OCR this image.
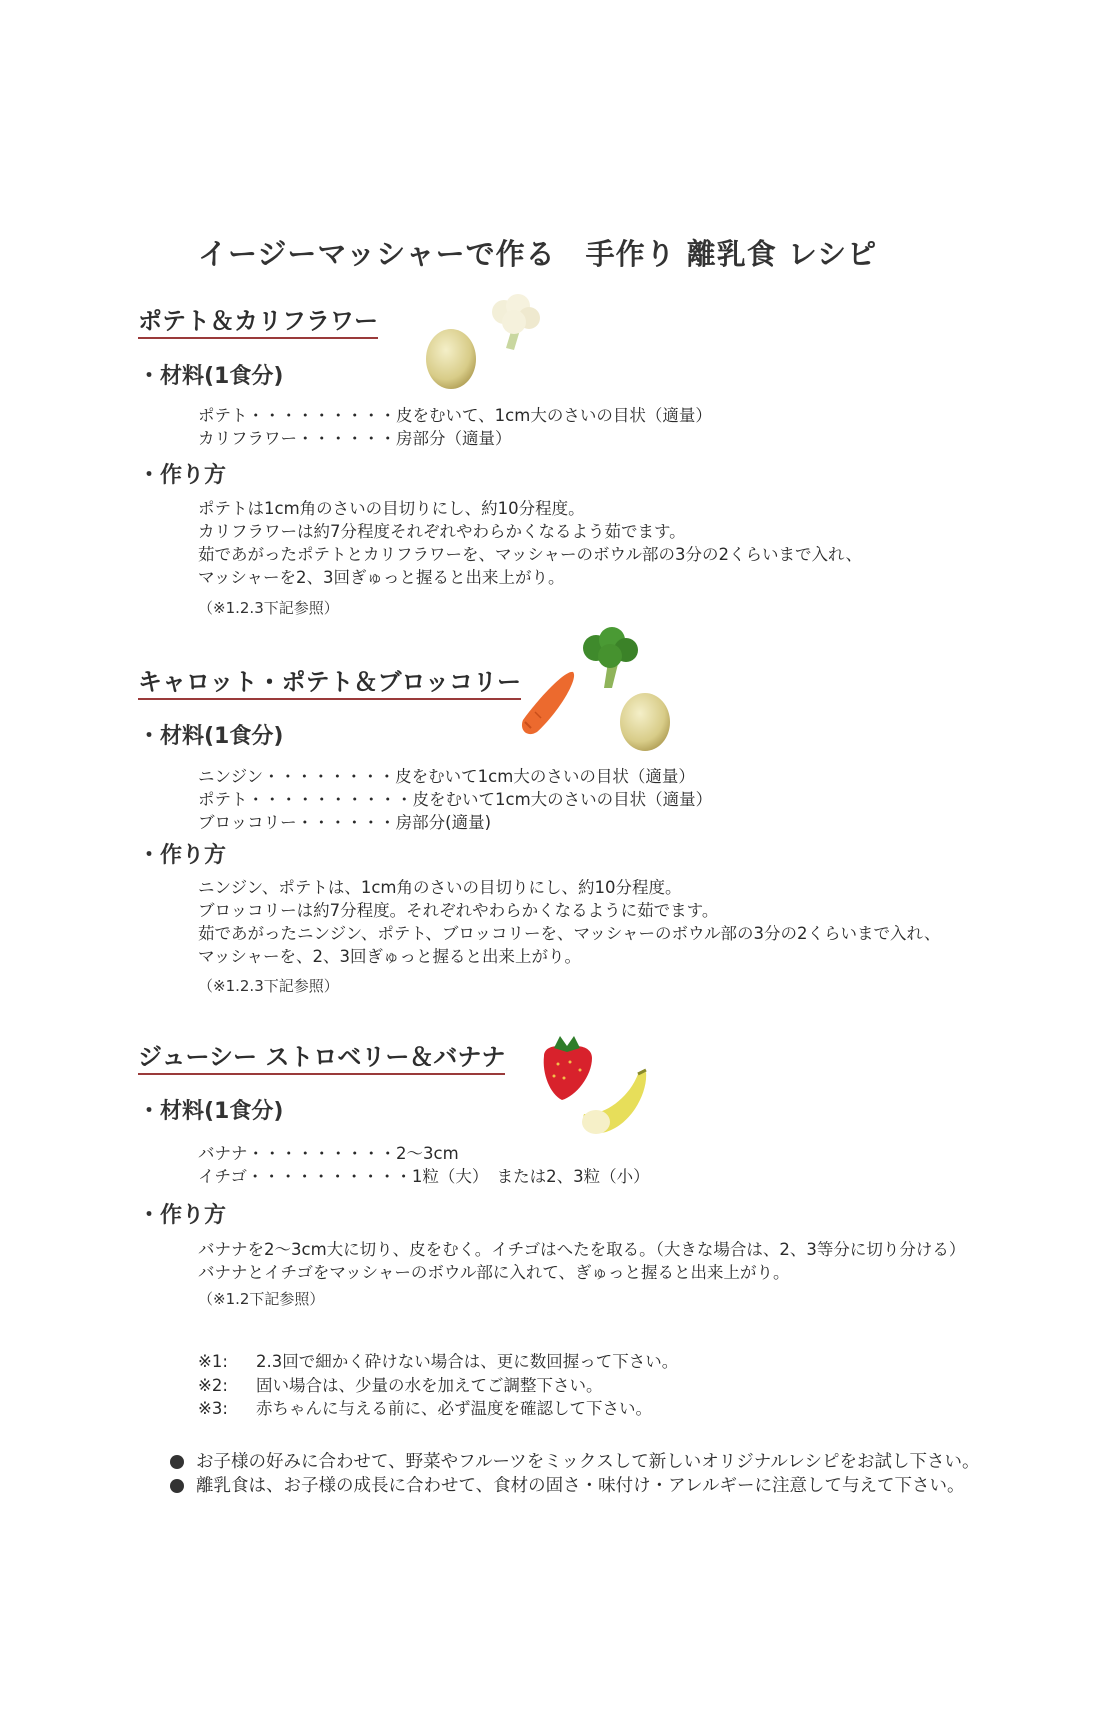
イージーマッシャーで作る　手作り 離乳食 レシピ
ポテト＆カリフラワー
・材料(1食分)
ポテト・・・・・・・・・皮をむいて、1cm大のさいの目状（適量）
カリフラワー・・・・・・房部分（適量）
・作り方
ポテトは1cm角のさいの目切りにし、約10分程度。
カリフラワーは約7分程度それぞれやわらかくなるよう茹でます。
茹であがったポテトとカリフラワーを、マッシャーのボウル部の3分の2くらいまで入れ、
マッシャーを2、3回ぎゅっと握ると出来上がり。
（※1.2.3下記参照）
キャロット・ポテト＆ブロッコリー
・材料(1食分)
ニンジン・・・・・・・・皮をむいて1cm大のさいの目状（適量）
ポテト・・・・・・・・・・皮をむいて1cm大のさいの目状（適量）
ブロッコリー・・・・・・房部分(適量)
・作り方
ニンジン、ポテトは、1cm角のさいの目切りにし、約10分程度。
ブロッコリーは約7分程度。それぞれやわらかくなるように茹でます。
茹であがったニンジン、ポテト、ブロッコリーを、マッシャーのボウル部の3分の2くらいまで入れ、
マッシャーを、2、3回ぎゅっと握ると出来上がり。
（※1.2.3下記参照）
ジューシー ストロベリー＆バナナ
・材料(1食分)
バナナ・・・・・・・・・2〜3cm
イチゴ・・・・・・・・・・1粒（大）　または2、3粒（小）
・作り方
バナナを2〜3cm大に切り、皮をむく。イチゴはへたを取る。（大きな場合は、2、3等分に切り分ける）
バナナとイチゴをマッシャーのボウル部に入れて、ぎゅっと握ると出来上がり。
（※1.2下記参照）
※1:	2.3回で細かく砕けない場合は、更に数回握って下さい。
※2:	固い場合は、少量の水を加えてご調整下さい。
※3:	赤ちゃんに与える前に、必ず温度を確認して下さい。
お子様の好みに合わせて、野菜やフルーツをミックスして新しいオリジナルレシピをお試し下さい。
離乳食は、お子様の成長に合わせて、食材の固さ・味付け・アレルギーに注意して与えて下さい。
